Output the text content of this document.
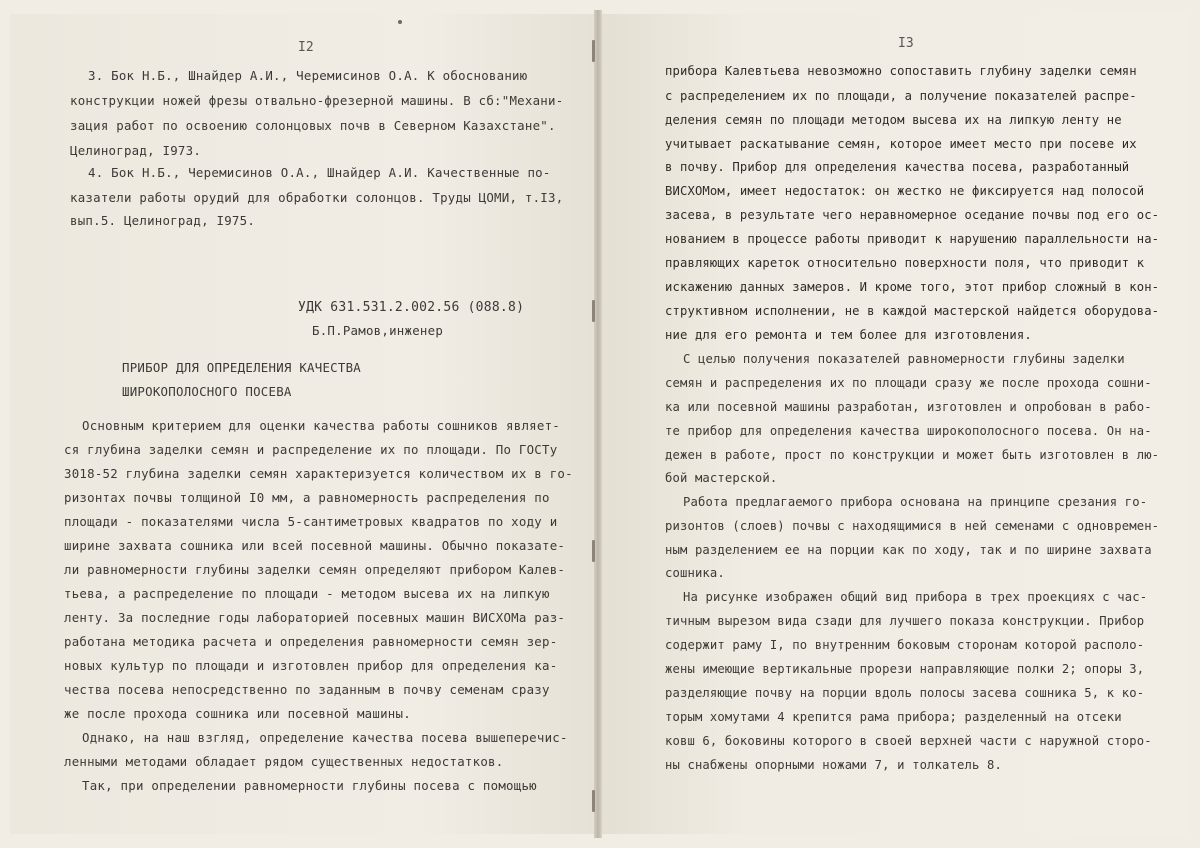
I2
3. Бок Н.Б., Шнайдер А.И., Черемисинов О.А. К обоснованию
конструкции ножей фрезы отвально-фрезерной машины. В сб:"Механи-
зация работ по освоению солонцовых почв в Северном Казахстане".
Целиноград, I973.
4. Бок Н.Б., Черемисинов О.А., Шнайдер А.И. Качественные по-
казатели работы орудий для обработки солонцов. Труды ЦОМИ, т.I3,
вып.5. Целиноград, I975.
УДК 631.531.2.002.56 (088.8)
Б.П.Рамов,инженер
ПРИБОР ДЛЯ ОПРЕДЕЛЕНИЯ КАЧЕСТВА
ШИРОКОПОЛОСНОГО ПОСЕВА
Основным критерием для оценки качества работы сошников являет-
ся глубина заделки семян и распределение их по площади. По ГОСТу
3018-52 глубина заделки семян характеризуется количеством их в го-
ризонтах почвы толщиной I0 мм, а равномерность распределения по
площади - показателями числа 5-сантиметровых квадратов по ходу и
ширине захвата сошника или всей посевной машины. Обычно показате-
ли равномерности глубины заделки семян определяют прибором Калев-
тьева, а распределение по площади - методом высева их на липкую
ленту. За последние годы лабораторией посевных машин ВИСХОМа раз-
работана методика расчета и определения равномерности семян зер-
новых культур по площади и изготовлен прибор для определения ка-
чества посева непосредственно по заданным в почву семенам сразу
же после прохода сошника или посевной машины.
Однако, на наш взгляд, определение качества посева вышеперечис-
ленными методами обладает рядом существенных недостатков.
Так, при определении равномерности глубины посева с помощью
I3
прибора Калевтьева невозможно сопоставить глубину заделки семян
с распределением их по площади, а получение показателей распре-
деления семян по площади методом высева их на липкую ленту не
учитывает раскатывание семян, которое имеет место при посеве их
в почву. Прибор для определения качества посева, разработанный
ВИСХОМом, имеет недостаток: он жестко не фиксируется над полосой
засева, в результате чего неравномерное оседание почвы под его ос-
нованием в процессе работы приводит к нарушению параллельности на-
правляющих кареток относительно поверхности поля, что приводит к
искажению данных замеров. И кроме того, этот прибор сложный в кон-
структивном исполнении, не в каждой мастерской найдется оборудова-
ние для его ремонта и тем более для изготовления.
С целью получения показателей равномерности глубины заделки
семян и распределения их по площади сразу же после прохода сошни-
ка или посевной машины разработан, изготовлен и опробован в рабо-
те прибор для определения качества широкополосного посева. Он на-
дежен в работе, прост по конструкции и может быть изготовлен в лю-
бой мастерской.
Работа предлагаемого прибора основана на принципе срезания го-
ризонтов (слоев) почвы с находящимися в ней семенами с одновремен-
ным разделением ее на порции как по ходу, так и по ширине захвата
сошника.
На рисунке изображен общий вид прибора в трех проекциях с час-
тичным вырезом вида сзади для лучшего показа конструкции. Прибор
содержит раму I, по внутренним боковым сторонам которой располо-
жены имеющие вертикальные прорези направляющие полки 2; опоры 3,
разделяющие почву на порции вдоль полосы засева сошника 5, к ко-
торым хомутами 4 крепится рама прибора; разделенный на отсеки
ковш 6, боковины которого в своей верхней части с наружной сторо-
ны снабжены опорными ножами 7, и толкатель 8.
